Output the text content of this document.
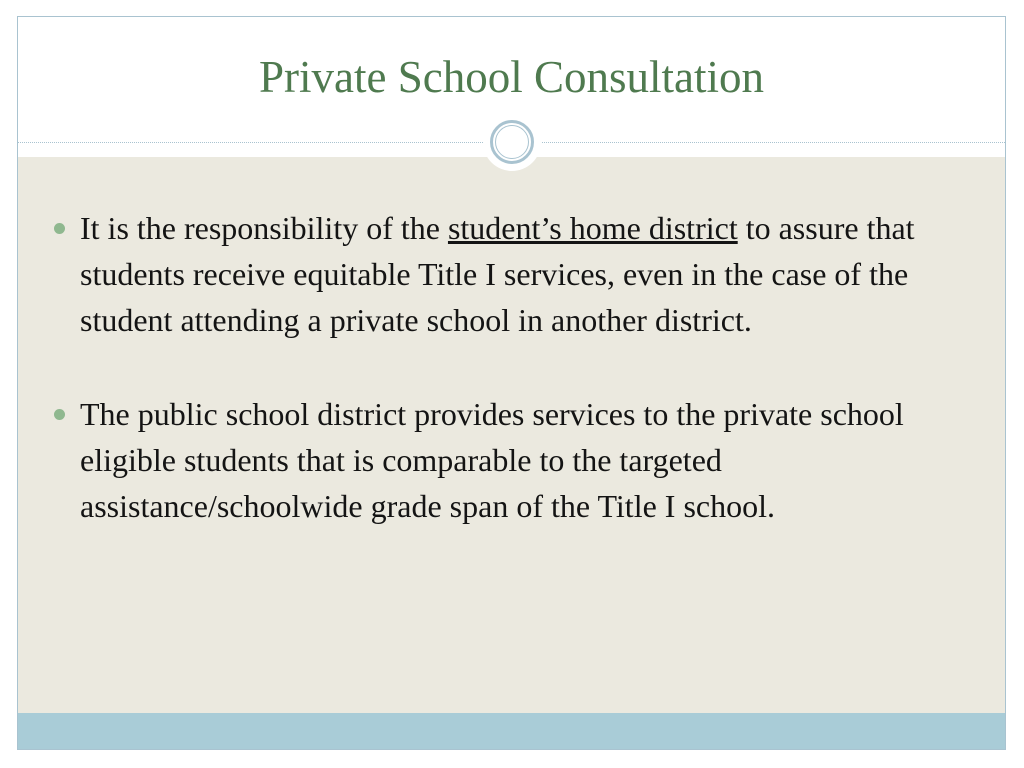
Private School Consultation
It is the responsibility of the student’s home district to assure that students receive equitable Title I services, even in the case of the student attending a private school in another district.
The public school district provides services to the private school  eligible students that is comparable to the targeted assistance/schoolwide grade span of the Title I school.
